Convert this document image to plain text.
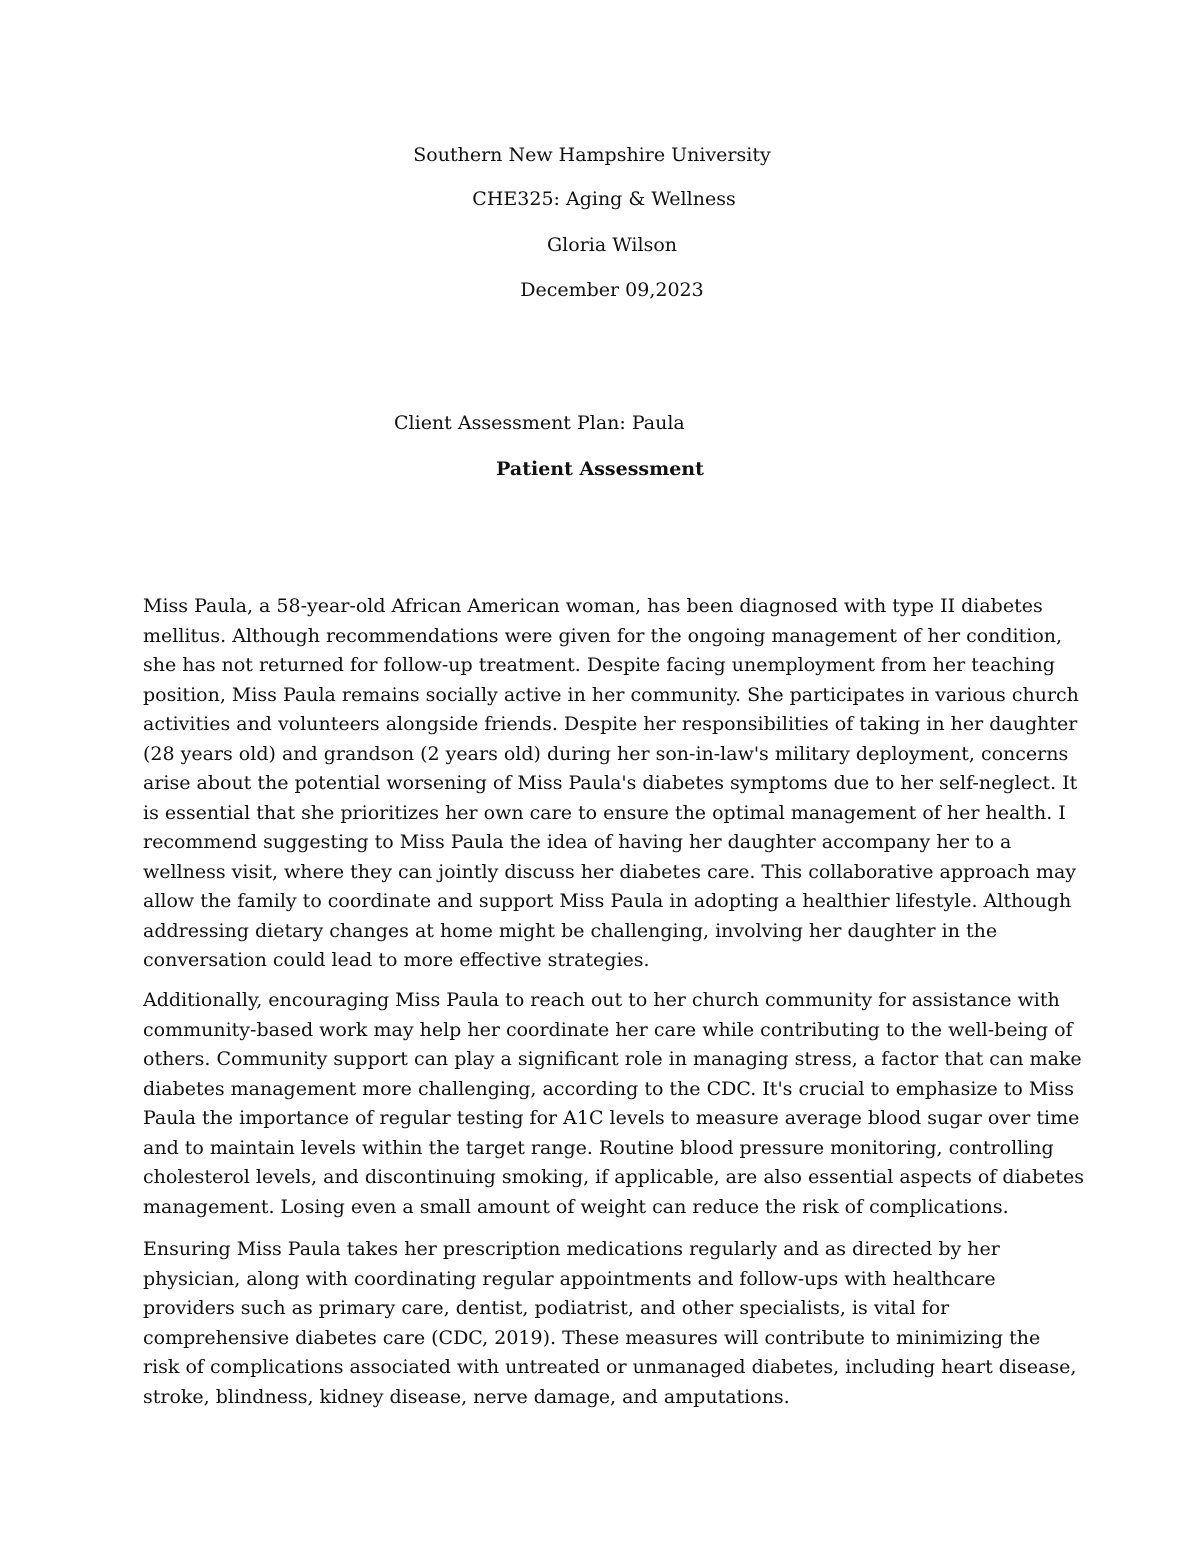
Southern New Hampshire University
CHE325: Aging & Wellness
Gloria Wilson
December 09,2023
Client Assessment Plan: Paula
Patient Assessment
Miss Paula, a 58-year-old African American woman, has been diagnosed with type II diabetes
mellitus. Although recommendations were given for the ongoing management of her condition,
she has not returned for follow-up treatment. Despite facing unemployment from her teaching
position, Miss Paula remains socially active in her community. She participates in various church
activities and volunteers alongside friends. Despite her responsibilities of taking in her daughter
(28 years old) and grandson (2 years old) during her son-in-law's military deployment, concerns
arise about the potential worsening of Miss Paula's diabetes symptoms due to her self-neglect. It
is essential that she prioritizes her own care to ensure the optimal management of her health. I
recommend suggesting to Miss Paula the idea of having her daughter accompany her to a
wellness visit, where they can jointly discuss her diabetes care. This collaborative approach may
allow the family to coordinate and support Miss Paula in adopting a healthier lifestyle. Although
addressing dietary changes at home might be challenging, involving her daughter in the
conversation could lead to more effective strategies.
Additionally, encouraging Miss Paula to reach out to her church community for assistance with
community-based work may help her coordinate her care while contributing to the well-being of
others. Community support can play a significant role in managing stress, a factor that can make
diabetes management more challenging, according to the CDC. It's crucial to emphasize to Miss
Paula the importance of regular testing for A1C levels to measure average blood sugar over time
and to maintain levels within the target range. Routine blood pressure monitoring, controlling
cholesterol levels, and discontinuing smoking, if applicable, are also essential aspects of diabetes
management. Losing even a small amount of weight can reduce the risk of complications.
Ensuring Miss Paula takes her prescription medications regularly and as directed by her
physician, along with coordinating regular appointments and follow-ups with healthcare
providers such as primary care, dentist, podiatrist, and other specialists, is vital for
comprehensive diabetes care (CDC, 2019). These measures will contribute to minimizing the
risk of complications associated with untreated or unmanaged diabetes, including heart disease,
stroke, blindness, kidney disease, nerve damage, and amputations.
